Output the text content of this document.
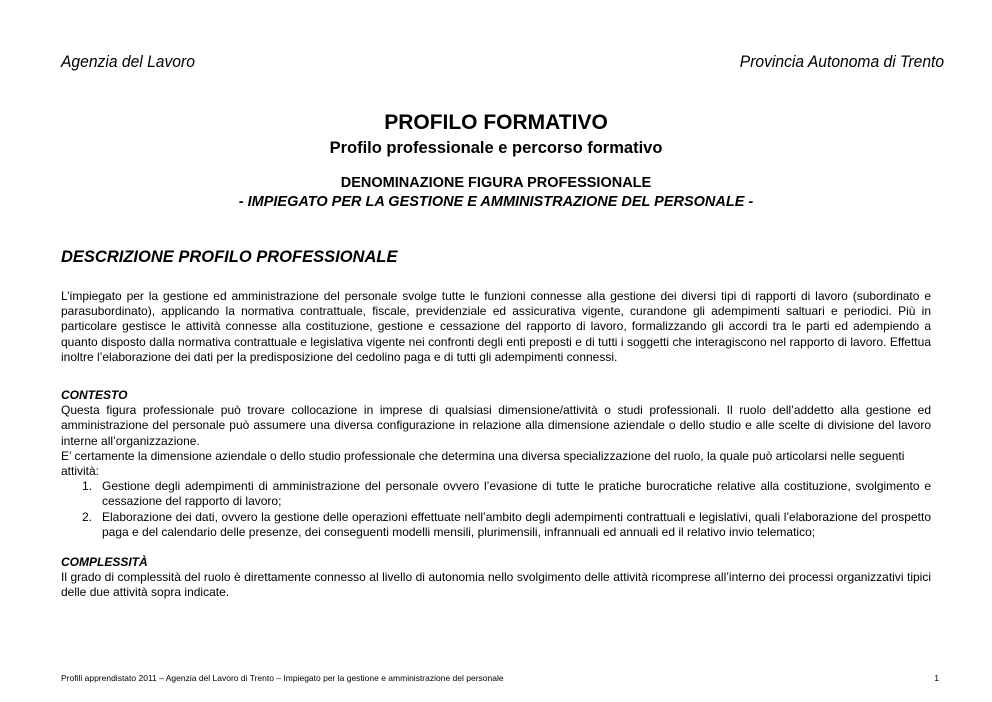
Agenzia del Lavoro	Provincia Autonoma di Trento
PROFILO FORMATIVO
Profilo professionale e percorso formativo
DENOMINAZIONE FIGURA PROFESSIONALE
- IMPIEGATO PER LA GESTIONE E AMMINISTRAZIONE DEL PERSONALE -
DESCRIZIONE PROFILO PROFESSIONALE
L’impiegato per la gestione ed amministrazione del personale svolge tutte le funzioni connesse alla gestione dei diversi tipi di rapporti di lavoro (subordinato e parasubordinato), applicando la normativa contrattuale, fiscale, previdenziale ed assicurativa vigente, curandone gli adempimenti saltuari e periodici. Più in particolare gestisce le attività connesse alla costituzione, gestione e cessazione del rapporto di lavoro, formalizzando gli accordi tra le parti ed adempiendo a quanto disposto dalla normativa contrattuale e legislativa vigente nei confronti degli enti preposti e di tutti i soggetti che interagiscono nel rapporto di lavoro. Effettua inoltre l’elaborazione dei dati per la predisposizione del cedolino paga e di tutti gli adempimenti connessi.
CONTESTO
Questa figura professionale può trovare collocazione in imprese di qualsiasi dimensione/attività o studi professionali. Il ruolo dell’addetto alla gestione ed amministrazione del personale può assumere una diversa configurazione in relazione alla dimensione aziendale o dello studio e alle scelte di divisione del lavoro interne all’organizzazione.
E’ certamente la dimensione aziendale o dello studio professionale che determina una diversa specializzazione del ruolo, la quale può articolarsi nelle seguenti attività:
1. Gestione degli adempimenti di amministrazione del personale ovvero l’evasione di tutte le pratiche burocratiche relative alla costituzione, svolgimento e cessazione del rapporto di lavoro;
2. Elaborazione dei dati, ovvero la gestione delle operazioni effettuate nell’ambito degli adempimenti contrattuali e legislativi, quali l’elaborazione del prospetto paga e del calendario delle presenze, dei conseguenti modelli mensili, plurimensili, infrannuali ed annuali ed il relativo invio telematico;
COMPLESSITÀ
Il grado di complessità del ruolo è direttamente connesso al livello di autonomia nello svolgimento delle attività ricomprese all’interno dei processi organizzativi tipici delle due attività sopra indicate.
Profili apprendistato 2011 – Agenzia del Lavoro di Trento – Impiegato per la gestione e amministrazione del personale	1
